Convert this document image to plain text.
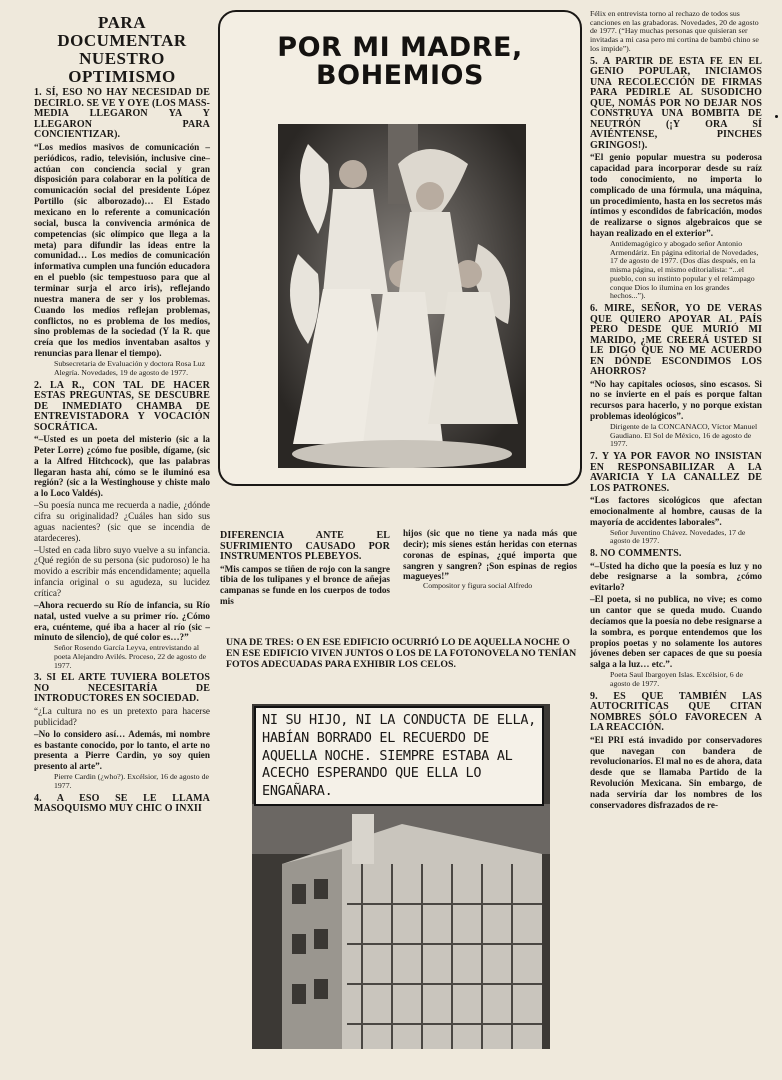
PARA DOCUMENTAR NUESTRO OPTIMISMO
1. SÍ, ESO NO HAY NECESIDAD DE DECIRLO. SE VE Y OYE (LOS MASS-MEDIA LLEGARON YA Y LLEGARON PARA CONCIENTIZAR).

“Los medios masivos de comunicación –periódicos, radio, televisión, inclusive cine– actúan con conciencia social y gran disposición para colaborar en la política de comunicación social del presidente López Portillo (sic alborozado)… El Estado mexicano en lo referente a comunicación social, busca la convivencia armónica de competencias (sic olímpico que llega a la meta) para difundir las ideas entre la comunidad… Los medios de comunicación informativa cumplen una función educadora en el pueblo (sic tempestuoso para que al terminar surja el arco iris), reflejando nuestra manera de ser y los problemas. Cuando los medios reflejan problemas, conflictos, no es problema de los medios, sino problemas de la sociedad (Y la R. que creía que los medios inventaban asaltos y renuncias para llenar el tiempo).

Subsecretaria de Evaluación y doctora Rosa Luz Alegría. Novedades, 19 de agosto de 1977.

2. LA R., CON TAL DE HACER ESTAS PREGUNTAS, SE DESCUBRE DE INMEDIATO CHAMBA DE ENTREVISTADORA Y VOCACIÓN SOCRÁTICA.

“–Usted es un poeta del misterio (sic a la Peter Lorre) ¿cómo fue posible, dígame, (sic a la Alfred Hitchcock), que las palabras llegaran hasta ahí, cómo se le iluminó esa región? (sic a la Westinghouse y chiste malo a lo Loco Valdés).

–Su poesía nunca me recuerda a nadie, ¿dónde cifra su originalidad? ¿Cuáles han sido sus aguas nacientes? (sic que se incendia de atardeceres).

–Usted en cada libro suyo vuelve a su infancia. ¿Qué región de su persona (sic pudoroso) le ha movido a escribir más encendidamente; aquella infancia original o su agudeza, su lucidez crítica?

–Ahora recuerdo su Río de infancia, su Río natal, usted vuelve a su primer río. ¿Cómo era, cuénteme, qué iba a hacer al río (sic –minuto de silencio), de qué color es…?”

Señor Rosendo García Leyva, entrevistando al poeta Alejandro Avilés. Proceso, 22 de agosto de 1977.

3. SI EL ARTE TUVIERA BOLETOS NO NECESITARÍA DE INTRODUCTORES EN SOCIEDAD.

“¿La cultura no es un pretexto para hacerse publicidad?

–No lo considero así… Además, mi nombre es bastante conocido, por lo tanto, el arte no presenta a Pierre Cardin, yo soy quien presento al arte”.

Pierre Cardin (¿who?). Excélsior, 16 de agosto de 1977.

4. A ESO SE LE LLAMA MASOQUISMO MUY CHIC O INXII
POR MI MADRE, BOHEMIOS
DIFERENCIA ANTE EL SUFRIMIENTO CAUSADO POR INSTRUMENTOS PLEBEYOS.

“Mis campos se tiñen de rojo con la sangre tibia de los tulipanes y el bronce de añejas campanas se funde en los cuerpos de todos mis

hijos (sic que no tiene ya nada más que decir); mis sienes están heridas con eternas coronas de espinas, ¿qué importa que sangren y sangren? ¡Son espinas de regios magueyes!”

Compositor y figura social Alfredo

UNA DE TRES: O EN ESE EDIFICIO OCURRIÓ LO DE AQUELLA NOCHE O EN ESE EDIFICIO VIVEN JUNTOS O LOS DE LA FOTONOVELA NO TENÍAN FOTOS ADECUADAS PARA EXHIBIR LOS CELOS.
NI SU HIJO, NI LA CONDUCTA DE ELLA, HABÍAN BORRADO EL RECUERDO DE AQUELLA NOCHE. SIEMPRE ESTABA AL ACECHO ESPERANDO QUE ELLA LO ENGAÑARA.

Félix en entrevista torno al rechazo de todos sus canciones en las grabadoras. Novedades, 20 de agosto de 1977. (“Hay muchas personas que quisieran ser invitadas a mi casa pero mi cortina de bambú chino se los impide”).

5. A PARTIR DE ESTA FE EN EL GENIO POPULAR, INICIAMOS UNA RECOLECCIÓN DE FIRMAS PARA PEDIRLE AL SUSODICHO QUE, NOMÁS POR NO DEJAR NOS CONSTRUYA UNA BOMBITA DE NEUTRÓN (¡Y ORA SÍ AVIÉNTENSE, PINCHES GRINGOS!).

“El genio popular muestra su poderosa capacidad para incorporar desde su raíz todo conocimiento, no importa lo complicado de una fórmula, una máquina, un procedimiento, hasta en los secretos más íntimos y escondidos de fabricación, modos de realizarse o signos algebraicos que se hayan realizado en el exterior”.

Antidemagógico y abogado señor Antonio Armendáriz. En página editorial de Novedades, 17 de agosto de 1977. (Dos días después, en la misma página, el mismo editorialista: “...el pueblo, con su instinto popular y el relámpago conque Dios lo ilumina en los grandes hechos...”).

6. MIRE, SEÑOR, YO DE VERAS QUE QUIERO APOYAR AL PAÍS PERO DESDE QUE MURIÓ MI MARIDO, ¿ME CREERÁ USTED SI LE DIGO QUE NO ME ACUERDO EN DÓNDE ESCONDIMOS LOS AHORROS?

“No hay capitales ociosos, sino escasos. Si no se invierte en el país es porque faltan recursos para hacerlo, y no porque existan problemas ideológicos”.

Dirigente de la CONCANACO, Víctor Manuel Gaudiano. El Sol de México, 16 de agosto de 1977.

7. Y YA POR FAVOR NO INSISTAN EN RESPONSABILIZAR A LA AVARICIA Y LA CANALLEZ DE LOS PATRONES.

“Los factores sicológicos que afectan emocionalmente al hombre, causas de la mayoría de accidentes laborales”.

Señor Juventino Chávez. Novedades, 17 de agosto de 1977.

8. NO COMMENTS.

“–Usted ha dicho que la poesía es luz y no debe resignarse a la sombra, ¿cómo evitarlo?

–El poeta, si no publica, no vive; es como un cantor que se queda mudo. Cuando decíamos que la poesía no debe resignarse a la sombra, es porque entendemos que los propios poetas y no solamente los autores jóvenes deben ser capaces de que su poesía salga a la luz… etc.”.

Poeta Saul Ibargoyen Islas. Excélsior, 6 de agosto de 1977.

9. ES QUE TAMBIÉN LAS AUTOCRITICAS QUE CITAN NOMBRES SÓLO FAVORECEN A LA REACCIÓN.

“El PRI está invadido por conservadores que navegan con bandera de revolucionarios. El mal no es de ahora, data desde que se llamaba Partido de la Revolución Mexicana. Sin embargo, de nada serviría dar los nombres de los conservadores disfrazados de re-
